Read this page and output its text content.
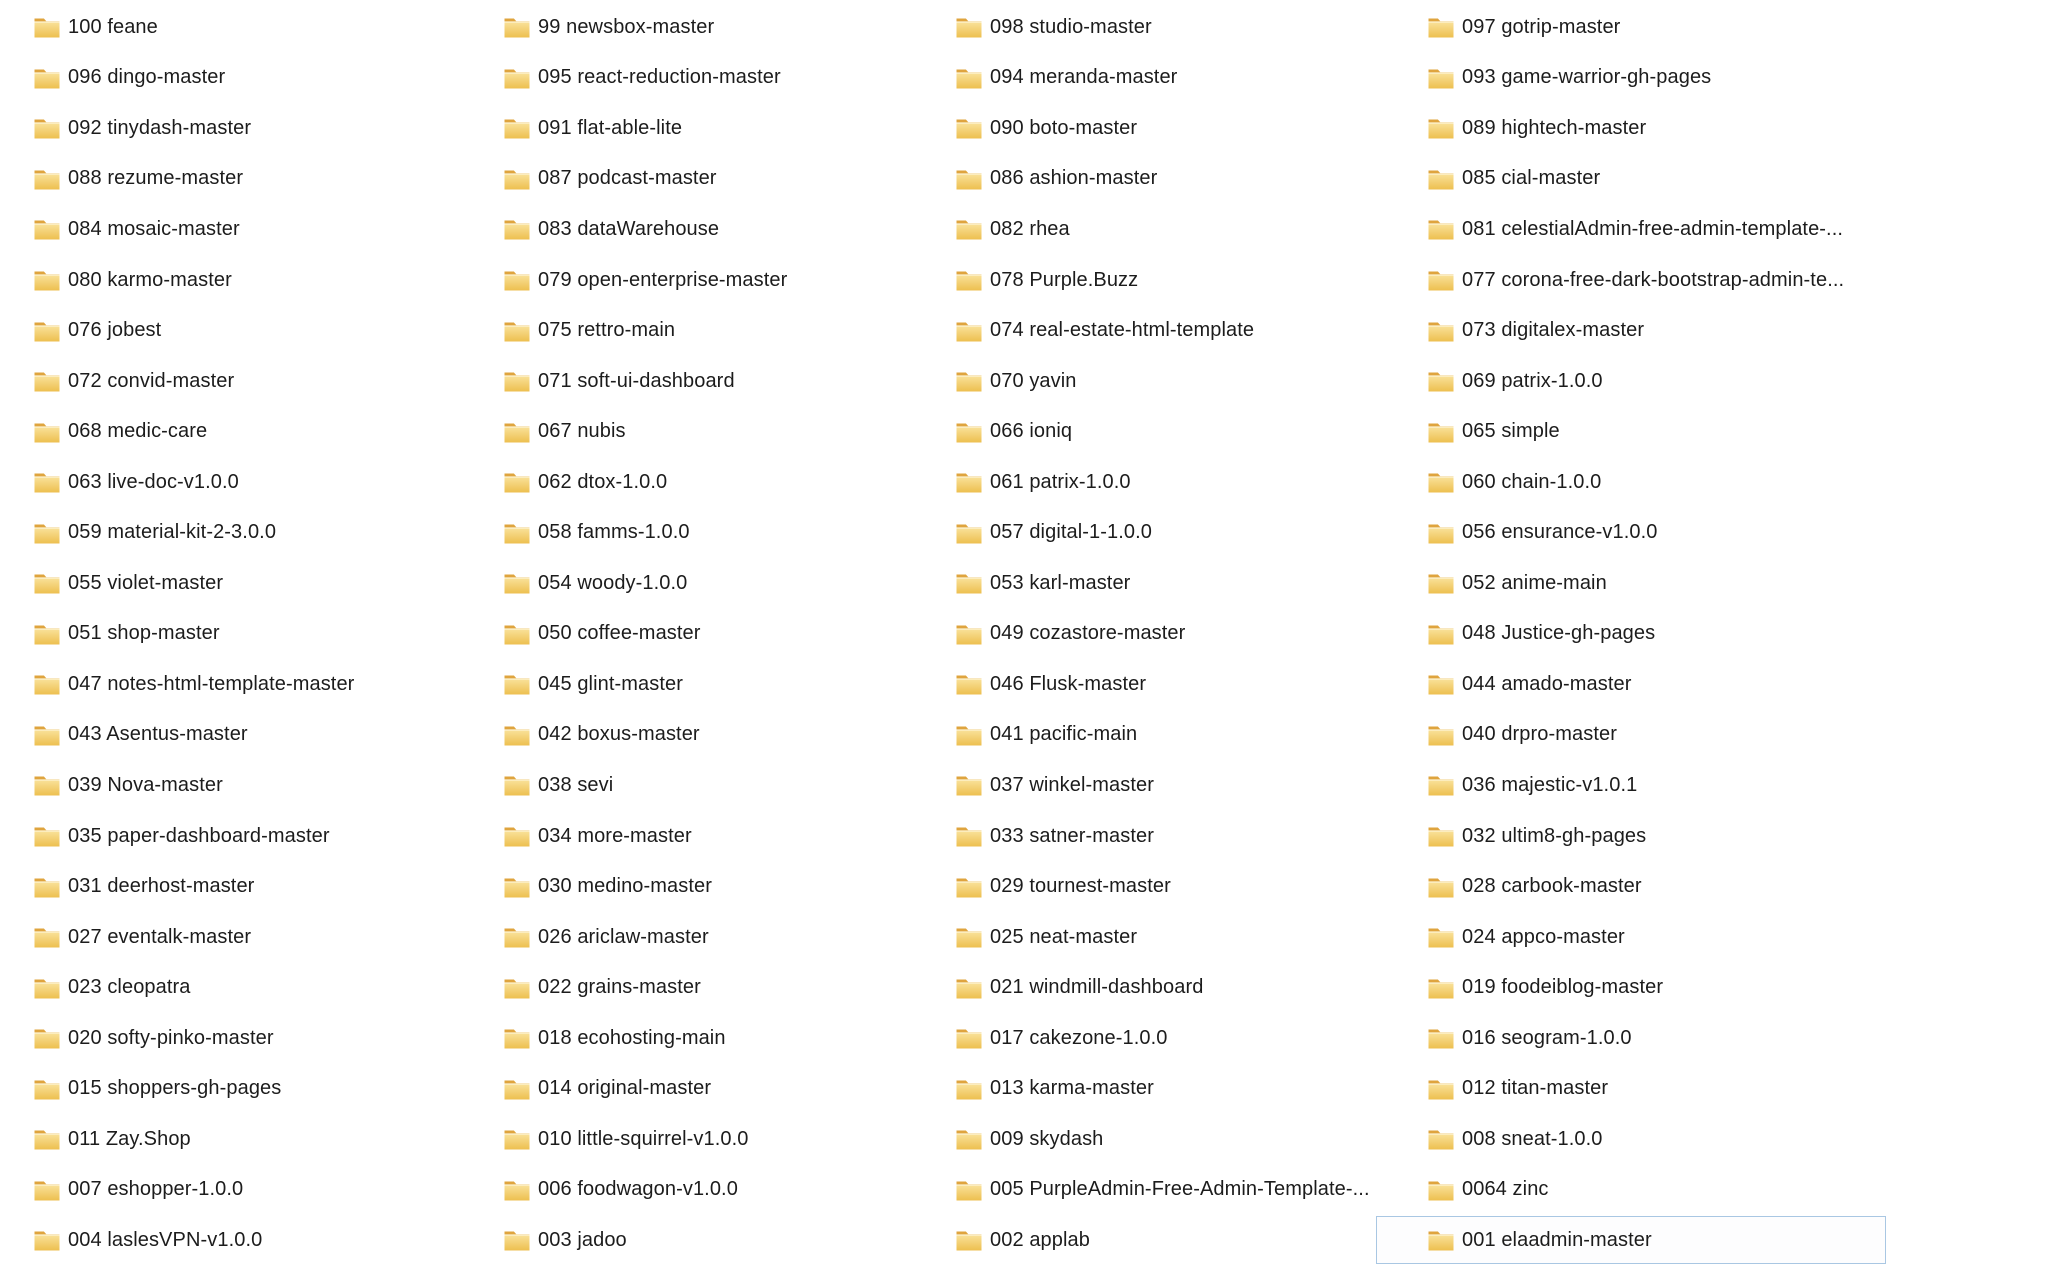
100 feane	99 newsbox-master	098 studio-master	097 gotrip-master
096 dingo-master	095 react-reduction-master	094 meranda-master	093 game-warrior-gh-pages
092 tinydash-master	091 flat-able-lite	090 boto-master	089 hightech-master
088 rezume-master	087 podcast-master	086 ashion-master	085 cial-master
084 mosaic-master	083 dataWarehouse	082 rhea	081 celestialAdmin-free-admin-template-...
080 karmo-master	079 open-enterprise-master	078 Purple.Buzz	077 corona-free-dark-bootstrap-admin-te...
076 jobest	075 rettro-main	074 real-estate-html-template	073 digitalex-master
072 convid-master	071 soft-ui-dashboard	070 yavin	069 patrix-1.0.0
068 medic-care	067 nubis	066 ioniq	065 simple
063 live-doc-v1.0.0	062 dtox-1.0.0	061 patrix-1.0.0	060 chain-1.0.0
059 material-kit-2-3.0.0	058 famms-1.0.0	057 digital-1-1.0.0	056 ensurance-v1.0.0
055 violet-master	054 woody-1.0.0	053 karl-master	052 anime-main
051 shop-master	050 coffee-master	049 cozastore-master	048 Justice-gh-pages
047 notes-html-template-master	045 glint-master	046 Flusk-master	044 amado-master
043 Asentus-master	042 boxus-master	041 pacific-main	040 drpro-master
039 Nova-master	038 sevi	037 winkel-master	036 majestic-v1.0.1
035 paper-dashboard-master	034 more-master	033 satner-master	032 ultim8-gh-pages
031 deerhost-master	030 medino-master	029 tournest-master	028 carbook-master
027 eventalk-master	026 ariclaw-master	025 neat-master	024 appco-master
023 cleopatra	022 grains-master	021 windmill-dashboard	019 foodeiblog-master
020 softy-pinko-master	018 ecohosting-main	017 cakezone-1.0.0	016 seogram-1.0.0
015 shoppers-gh-pages	014 original-master	013 karma-master	012 titan-master
011 Zay.Shop	010 little-squirrel-v1.0.0	009 skydash	008 sneat-1.0.0
007 eshopper-1.0.0	006 foodwagon-v1.0.0	005 PurpleAdmin-Free-Admin-Template-...	0064 zinc
004 laslesVPN-v1.0.0	003 jadoo	002 applab	001 elaadmin-master
